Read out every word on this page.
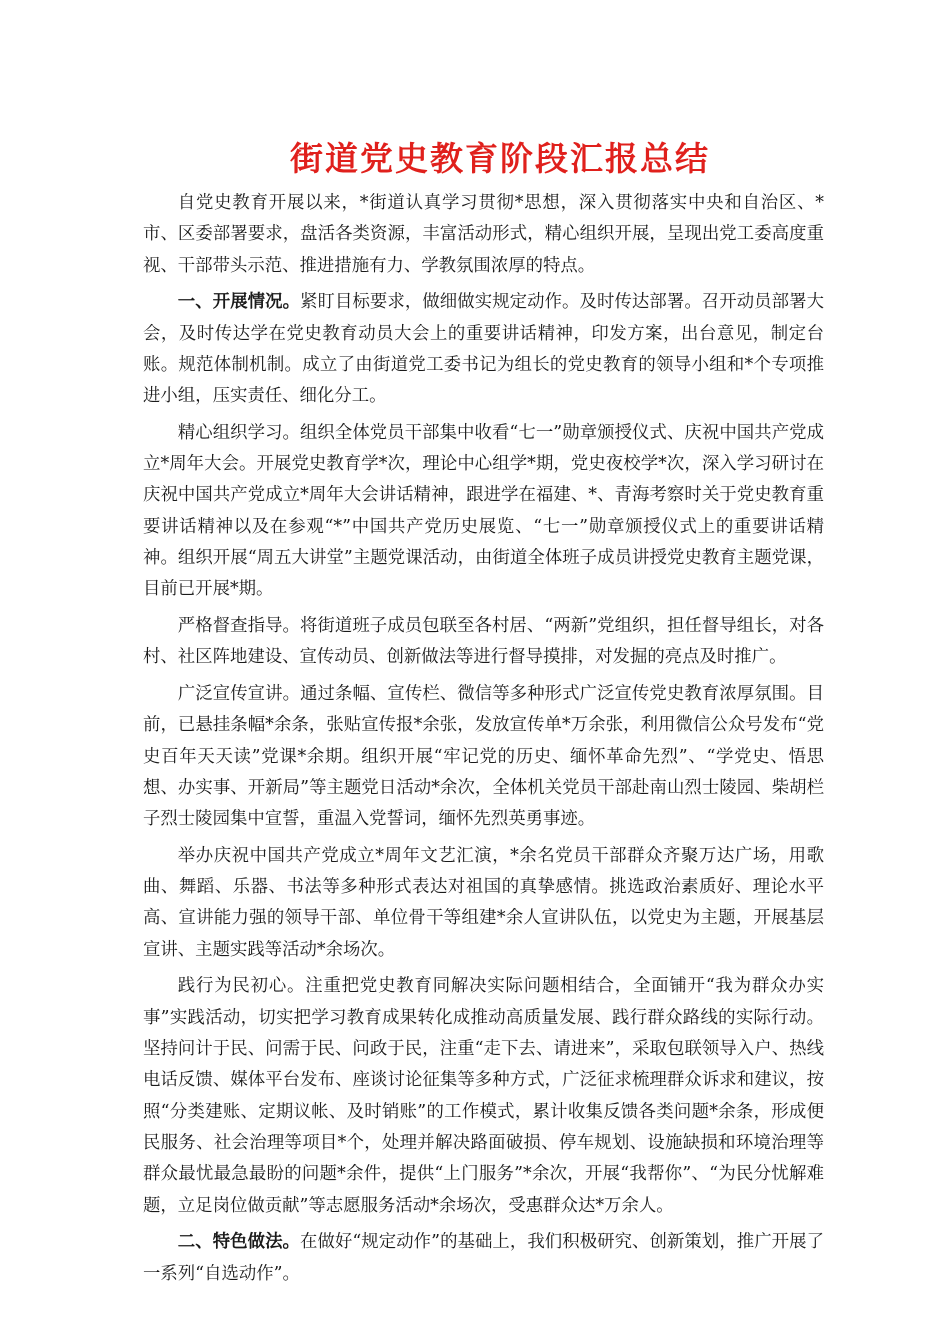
街道党史教育阶段汇报总结

自党史教育开展以来，*街道认真学习贯彻*思想，深入贯彻落实中央和自治区、*市、区委部署要求，盘活各类资源，丰富活动形式，精心组织开展，呈现出党工委高度重视、干部带头示范、推进措施有力、学教氛围浓厚的特点。

一、开展情况。紧盯目标要求，做细做实规定动作。及时传达部署。召开动员部署大会，及时传达学在党史教育动员大会上的重要讲话精神，印发方案，出台意见，制定台账。规范体制机制。成立了由街道党工委书记为组长的党史教育的领导小组和*个专项推进小组，压实责任、细化分工。

精心组织学习。组织全体党员干部集中收看“七一”勋章颁授仪式、庆祝中国共产党成立*周年大会。开展党史教育学*次，理论中心组学*期，党史夜校学*次，深入学习研讨在庆祝中国共产党成立*周年大会讲话精神，跟进学在福建、*、青海考察时关于党史教育重要讲话精神以及在参观“*”中国共产党历史展览、“七一”勋章颁授仪式上的重要讲话精神。组织开展“周五大讲堂”主题党课活动，由街道全体班子成员讲授党史教育主题党课，目前已开展*期。

严格督查指导。将街道班子成员包联至各村居、“两新”党组织，担任督导组长，对各村、社区阵地建设、宣传动员、创新做法等进行督导摸排，对发掘的亮点及时推广。

广泛宣传宣讲。通过条幅、宣传栏、微信等多种形式广泛宣传党史教育浓厚氛围。目前，已悬挂条幅*余条，张贴宣传报*余张，发放宣传单*万余张，利用微信公众号发布“党史百年天天读”党课*余期。组织开展“牢记党的历史、缅怀革命先烈”、“学党史、悟思想、办实事、开新局”等主题党日活动*余次，全体机关党员干部赴南山烈士陵园、柴胡栏子烈士陵园集中宣誓，重温入党誓词，缅怀先烈英勇事迹。

举办庆祝中国共产党成立*周年文艺汇演，*余名党员干部群众齐聚万达广场，用歌曲、舞蹈、乐器、书法等多种形式表达对祖国的真挚感情。挑选政治素质好、理论水平高、宣讲能力强的领导干部、单位骨干等组建*余人宣讲队伍，以党史为主题，开展基层宣讲、主题实践等活动*余场次。

践行为民初心。注重把党史教育同解决实际问题相结合，全面铺开“我为群众办实事”实践活动，切实把学习教育成果转化成推动高质量发展、践行群众路线的实际行动。坚持问计于民、问需于民、问政于民，注重“走下去、请进来”，采取包联领导入户、热线电话反馈、媒体平台发布、座谈讨论征集等多种方式，广泛征求梳理群众诉求和建议，按照“分类建账、定期议帐、及时销账”的工作模式，累计收集反馈各类问题*余条，形成便民服务、社会治理等项目*个，处理并解决路面破损、停车规划、设施缺损和环境治理等群众最忧最急最盼的问题*余件，提供“上门服务”*余次，开展“我帮你”、“为民分忧解难题，立足岗位做贡献”等志愿服务活动*余场次，受惠群众达*万余人。

二、特色做法。在做好“规定动作”的基础上，我们积极研究、创新策划，推广开展了一系列“自选动作”。
